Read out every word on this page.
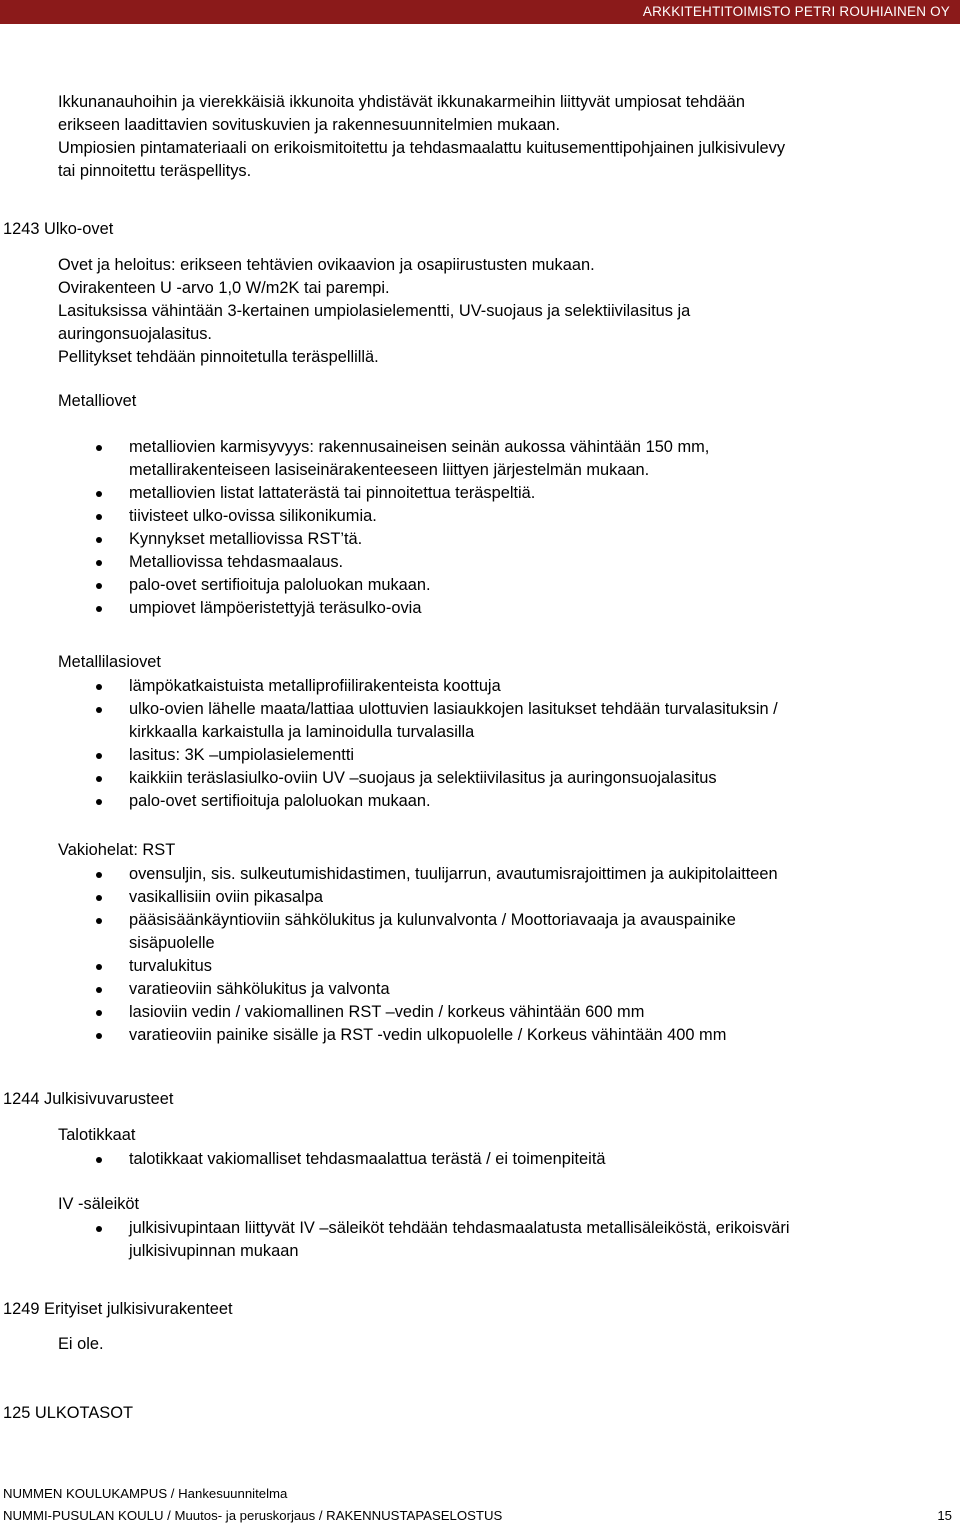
ARKKITEHTITOIMISTO PETRI ROUHIAINEN OY

Ikkunanauhoihin ja vierekkäisiä ikkunoita yhdistävät ikkunakarmeihin liittyvät umpiosat tehdään

erikseen laadittavien sovituskuvien ja rakennesuunnitelmien mukaan.

Umpiosien pintamateriaali on erikoismitoitettu ja tehdasmaalattu kuitusementtipohjainen julkisivulevy

tai pinnoitettu teräspellitys.

1243 Ulko-ovet

Ovet ja heloitus: erikseen tehtävien ovikaavion ja osapiirustusten mukaan.

Ovirakenteen U -arvo 1,0 W/m2K tai parempi.

Lasituksissa vähintään 3-kertainen umpiolasielementti, UV-suojaus ja selektiivilasitus ja

auringonsuojalasitus.

Pellitykset tehdään pinnoitetulla teräspellillä.

Metalliovet

metalliovien karmisyvyys: rakennusaineisen seinän aukossa vähintään 150 mm,
metallirakenteiseen lasiseinärakenteeseen liittyen järjestelmän mukaan.
metalliovien listat lattaterästä tai pinnoitettua teräspeltiä.
tiivisteet ulko-ovissa silikonikumia.
Kynnykset metalliovissa RST’tä.
Metalliovissa tehdasmaalaus.
palo-ovet sertifioituja paloluokan mukaan.
umpiovet lämpöeristettyjä teräsulko-ovia

Metallilasiovet

lämpökatkaistuista metalliprofiilirakenteista koottuja
ulko-ovien lähelle maata/lattiaa ulottuvien lasiaukkojen lasitukset tehdään turvalasituksin /
kirkkaalla karkaistulla ja laminoidulla turvalasilla
lasitus: 3K –umpiolasielementti
kaikkiin teräslasiulko-oviin UV –suojaus ja selektiivilasitus ja auringonsuojalasitus
palo-ovet sertifioituja paloluokan mukaan.

Vakiohelat: RST

ovensuljin, sis. sulkeutumishidastimen, tuulijarrun, avautumisrajoittimen ja aukipitolaitteen
vasikallisiin oviin pikasalpa
pääsisäänkäyntioviin sähkölukitus ja kulunvalvonta / Moottoriavaaja ja avauspainike
sisäpuolelle
turvalukitus
varatieoviin sähkölukitus ja valvonta
lasioviin vedin / vakiomallinen RST –vedin / korkeus vähintään 600 mm
varatieoviin painike sisälle ja RST -vedin ulkopuolelle / Korkeus vähintään 400 mm

1244 Julkisivuvarusteet

Talotikkaat

talotikkaat vakiomalliset tehdasmaalattua terästä / ei toimenpiteitä

IV -säleiköt

julkisivupintaan liittyvät IV –säleiköt tehdään tehdasmaalatusta metallisäleiköstä, erikoisväri
julkisivupinnan mukaan

1249 Erityiset julkisivurakenteet

Ei ole.

125 ULKOTASOT

NUMMEN KOULUKAMPUS / Hankesuunnitelma
NUMMI-PUSULAN KOULU / Muutos- ja peruskorjaus / RAKENNUSTAPASELOSTUS	15
